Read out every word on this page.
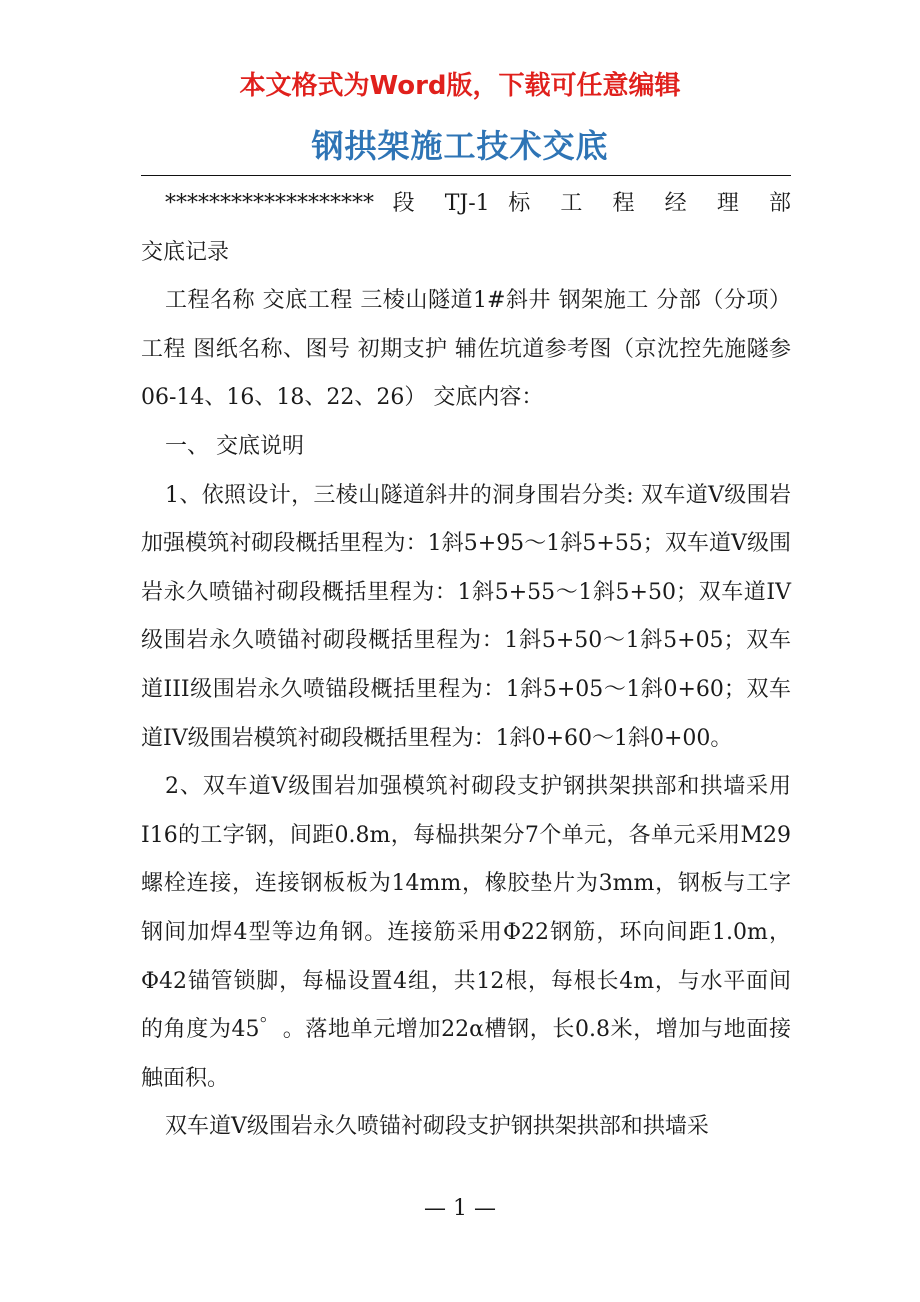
本文格式为Word版，下载可任意编辑

钢拱架施工技术交底

******************* 段 TJ-1 标 工 程 经 理 部

交底记录

工程名称 交底工程 三棱山隧道1#斜井 钢架施工 分部（分项）工程 图纸名称、图号 初期支护 辅佐坑道参考图（京沈控先施隧参06-14、16、18、22、26） 交底内容：

一、 交底说明

1、依照设计，三棱山隧道斜井的洞身围岩分类: 双车道V级围岩加强模筑衬砌段概括里程为：1斜5+95～1斜5+55；双车道V级围岩永久喷锚衬砌段概括里程为：1斜5+55～1斜5+50；双车道IV级围岩永久喷锚衬砌段概括里程为：1斜5+50～1斜5+05；双车道III级围岩永久喷锚段概括里程为：1斜5+05～1斜0+60；双车道IV级围岩模筑衬砌段概括里程为：1斜0+60～1斜0+00。

2、双车道V级围岩加强模筑衬砌段支护钢拱架拱部和拱墙采用I16的工字钢，间距0.8m，每榀拱架分7个单元，各单元采用M29螺栓连接，连接钢板板为14mm，橡胶垫片为3mm，钢板与工字钢间加焊4型等边角钢。连接筋采用Φ22钢筋，环向间距1.0m，Φ42锚管锁脚，每榀设置4组，共12根，每根长4m，与水平面间的角度为45゜。落地单元增加22α槽钢，长0.8米，增加与地面接触面积。

双车道Ⅴ级围岩永久喷锚衬砌段支护钢拱架拱部和拱墙采

— 1 —
